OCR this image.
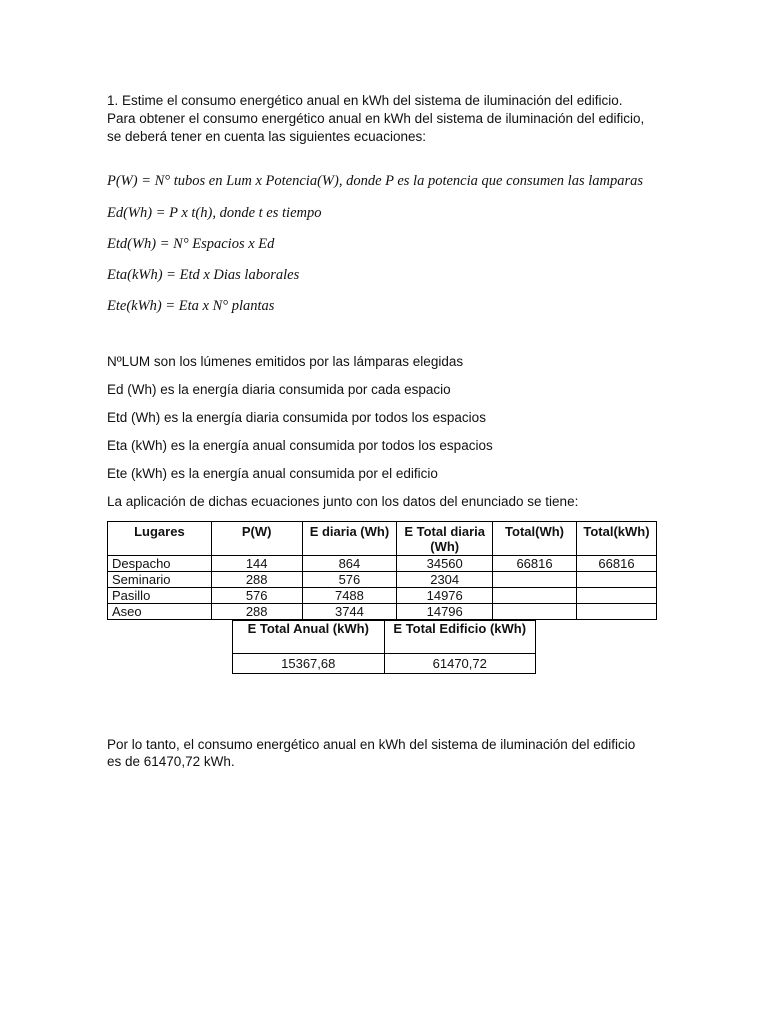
1. Estime el consumo energético anual en kWh del sistema de iluminación del edificio.

Para obtener el consumo energético anual en kWh del sistema de iluminación del edificio,

se deberá tener en cuenta las siguientes ecuaciones:

P(W) = N° tubos en Lum x Potencia(W), donde P es la potencia que consumen las lamparas
Ed(Wh) = P x t(h), donde t es tiempo
Etd(Wh) = N° Espacios x Ed
Eta(kWh) = Etd x Dias laborales
Ete(kWh) = Eta x N° plantas
NºLUM son los lúmenes emitidos por las lámparas elegidas
Ed (Wh) es la energía diaria consumida por cada espacio
Etd (Wh) es la energía diaria consumida por todos los espacios
Eta (kWh) es la energía anual consumida por todos los espacios
Ete (kWh) es la energía anual consumida por el edificio
La aplicación de dichas ecuaciones junto con los datos del enunciado se tiene:
Lugares	P(W)	E diaria (Wh)	E Total diaria (Wh)	Total(Wh)	Total(kWh)
Despacho	144	864	34560	66816	66816
Seminario	288	576	2304		
Pasillo	576	7488	14976		
Aseo	288	3744	14796		
E Total Anual (kWh)	E Total Edificio (kWh)
15367,68	61470,72
Por lo tanto, el consumo energético anual en kWh del sistema de iluminación del edificio
es de 61470,72 kWh.
